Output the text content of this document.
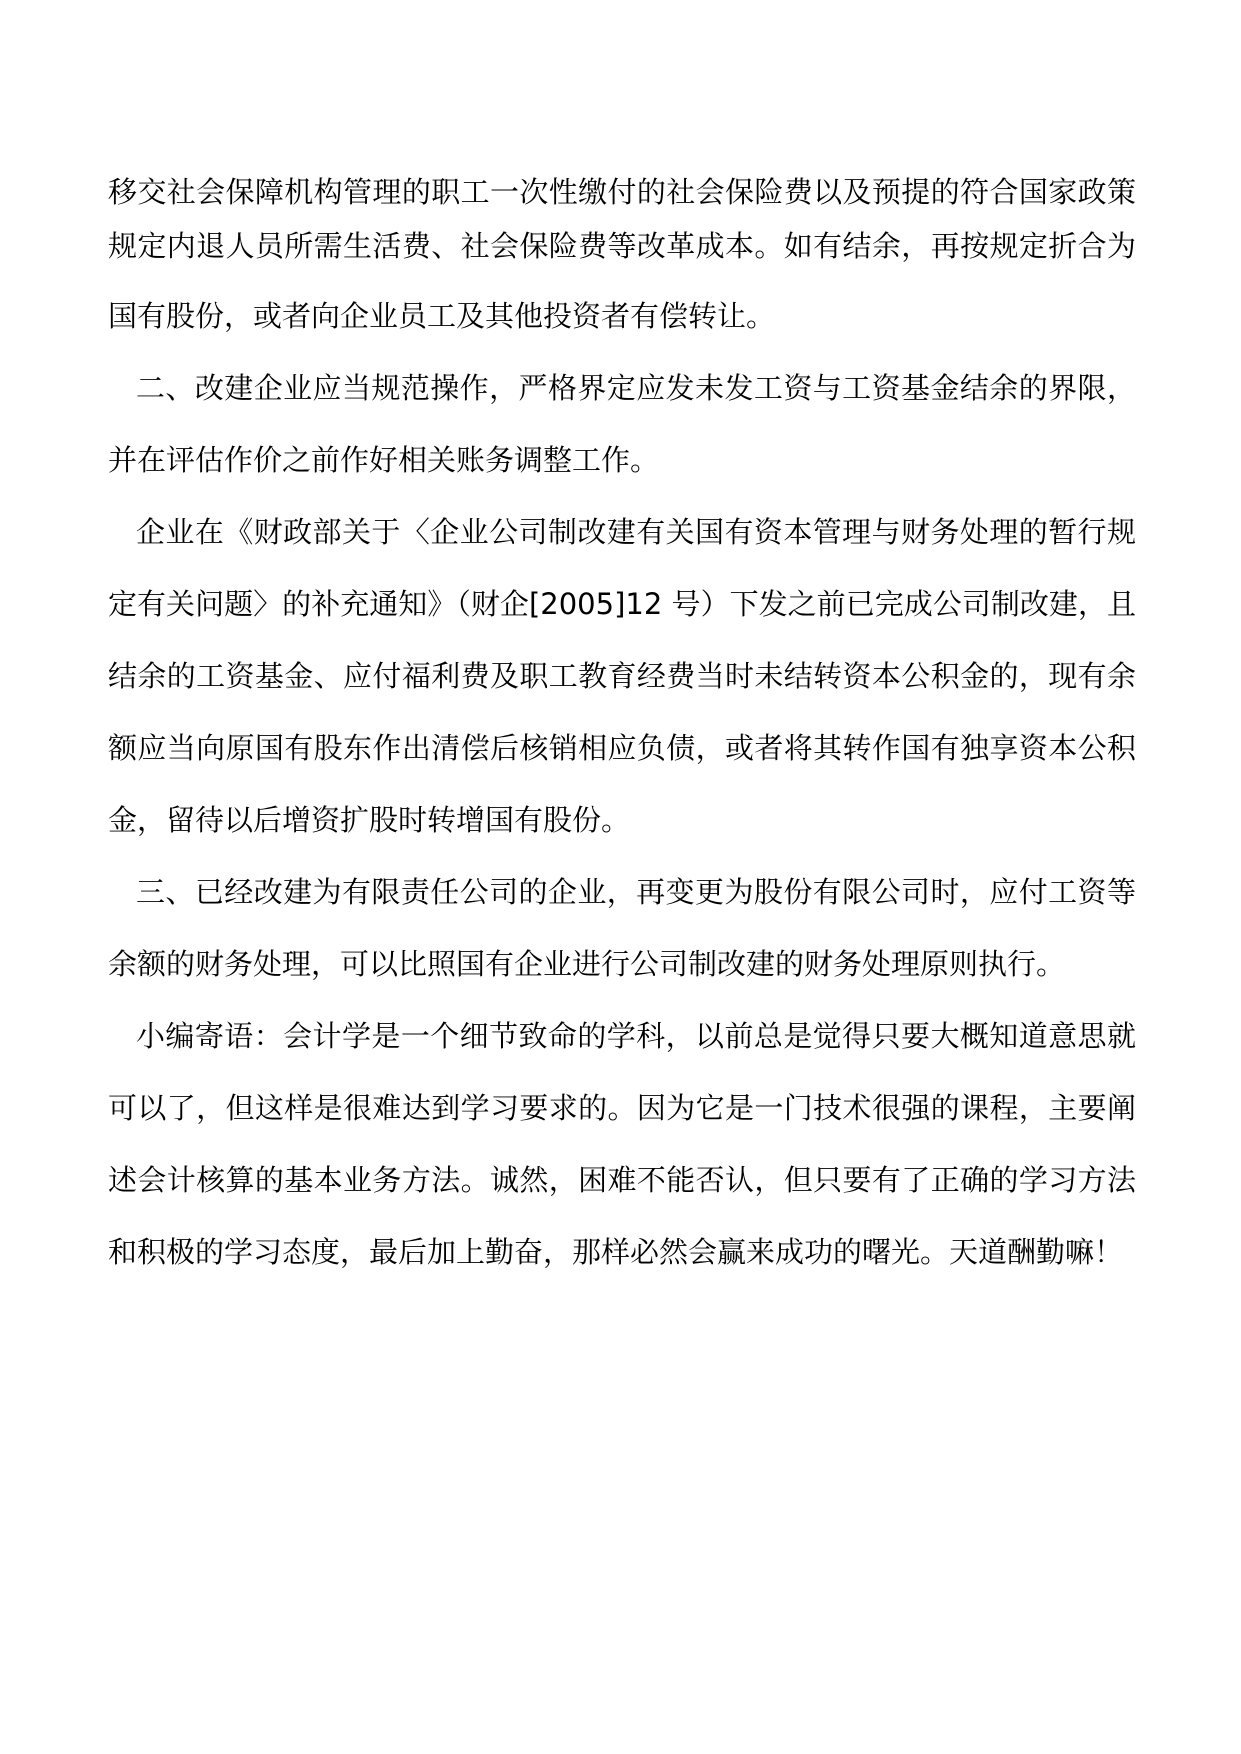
移交社会保障机构管理的职工一次性缴付的社会保险费以及预提的符合国家政策
规定内退人员所需生活费、社会保险费等改革成本。如有结余，再按规定折合为
国有股份，或者向企业员工及其他投资者有偿转让。
二、改建企业应当规范操作，严格界定应发未发工资与工资基金结余的界限，
并在评估作价之前作好相关账务调整工作。
企业在《财政部关于〈企业公司制改建有关国有资本管理与财务处理的暂行规
定有关问题〉的补充通知》（财企[2005]12 号）下发之前已完成公司制改建，且
结余的工资基金、应付福利费及职工教育经费当时未结转资本公积金的，现有余
额应当向原国有股东作出清偿后核销相应负债，或者将其转作国有独享资本公积
金，留待以后增资扩股时转增国有股份。
三、已经改建为有限责任公司的企业，再变更为股份有限公司时，应付工资等
余额的财务处理，可以比照国有企业进行公司制改建的财务处理原则执行。
小编寄语：会计学是一个细节致命的学科，以前总是觉得只要大概知道意思就
可以了，但这样是很难达到学习要求的。因为它是一门技术很强的课程，主要阐
述会计核算的基本业务方法。诚然，困难不能否认，但只要有了正确的学习方法
和积极的学习态度，最后加上勤奋，那样必然会赢来成功的曙光。天道酬勤嘛！
